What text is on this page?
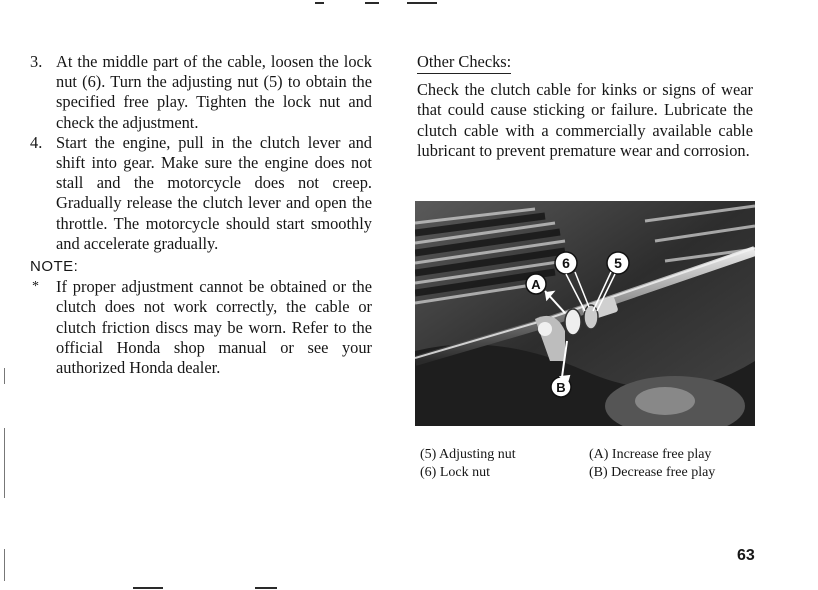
3. At the middle part of the cable, loosen the lock nut (6). Turn the adjusting nut (5) to obtain the specified free play. Tighten the lock nut and check the adjustment.
4. Start the engine, pull in the clutch lever and shift into gear. Make sure the engine does not stall and the motorcycle does not creep. Gradually release the clutch lever and open the throttle. The motorcycle should start smoothly and accelerate gradually.
NOTE:
* If proper adjustment cannot be obtained or the clutch does not work correctly, the cable or clutch friction discs may be worn. Refer to the official Honda shop manual or see your authorized Honda dealer.
Other Checks:
Check the clutch cable for kinks or signs of wear that could cause sticking or failure. Lubricate the clutch cable with a commercially available cable lubricant to prevent premature wear and corrosion.
6	5
A
B
(5) Adjusting nut
(6) Lock nut
(A) Increase free play
(B) Decrease free play
63
